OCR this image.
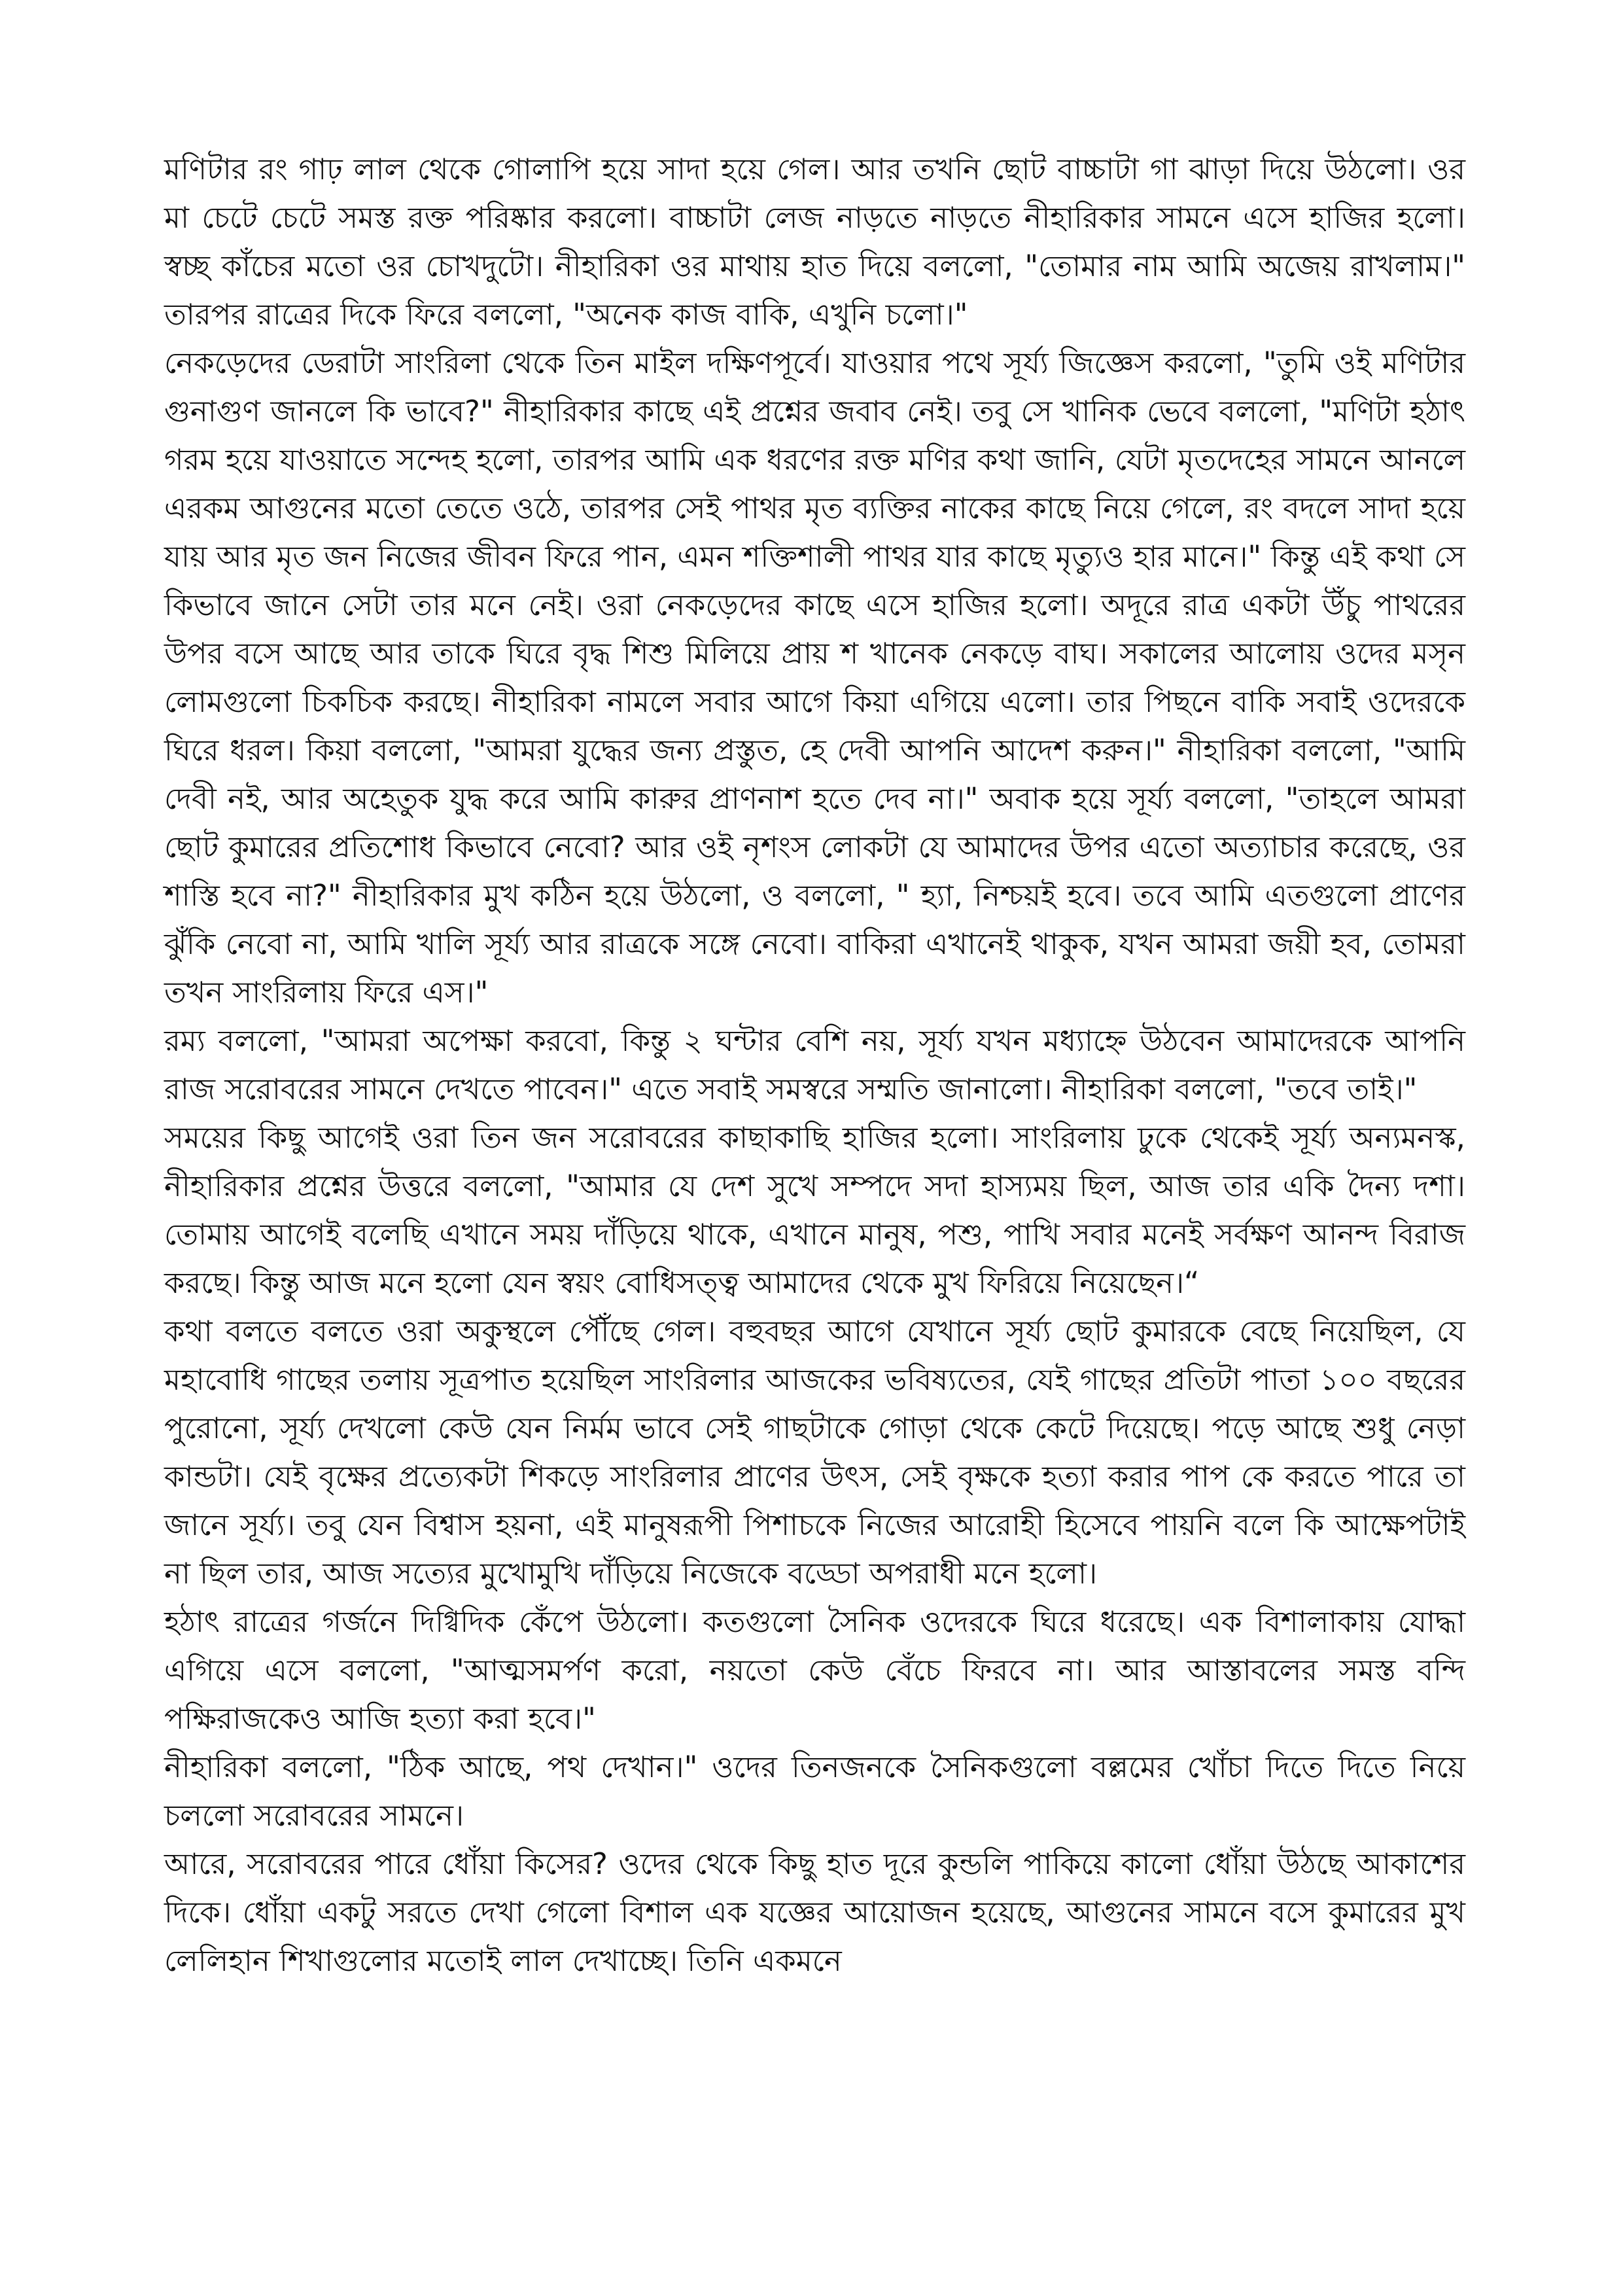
মণিটার রং গাঢ় লাল থেকে গোলাপি হয়ে সাদা হয়ে গেল। আর তখনি ছোট বাচ্চাটা গা ঝাড়া দিয়ে উঠলো। ওর মা চেটে চেটে সমস্ত রক্ত পরিষ্কার করলো। বাচ্চাটা লেজ নাড়তে নাড়তে নীহারিকার সামনে এসে হাজির হলো। স্বচ্ছ কাঁচের মতো ওর চোখদুটো। নীহারিকা ওর মাথায় হাত দিয়ে বললো, "তোমার নাম আমি অজেয় রাখলাম।" তারপর রাত্রের দিকে ফিরে বললো, "অনেক কাজ বাকি, এখুনি চলো।"

নেকড়েদের ডেরাটা সাংরিলা থেকে তিন মাইল দক্ষিণপূর্বে। যাওয়ার পথে সূর্য্য জিজ্ঞেস করলো, "তুমি ওই মণিটার গুনাগুণ জানলে কি ভাবে?" নীহারিকার কাছে এই প্রশ্নের জবাব নেই। তবু সে খানিক ভেবে বললো, "মণিটা হঠাৎ গরম হয়ে যাওয়াতে সন্দেহ হলো, তারপর আমি এক ধরণের রক্ত মণির কথা জানি, যেটা মৃতদেহের সামনে আনলে এরকম আগুনের মতো তেতে ওঠে, তারপর সেই পাথর মৃত ব্যক্তির নাকের কাছে নিয়ে গেলে, রং বদলে সাদা হয়ে যায় আর মৃত জন নিজের জীবন ফিরে পান, এমন শক্তিশালী পাথর যার কাছে মৃত্যুও হার মানে।" কিন্তু এই কথা সে কিভাবে জানে সেটা তার মনে নেই। ওরা নেকড়েদের কাছে এসে হাজির হলো। অদূরে রাত্র একটা উঁচু পাথরের উপর বসে আছে আর তাকে ঘিরে বৃদ্ধ শিশু মিলিয়ে প্রায় শ খানেক নেকড়ে বাঘ। সকালের আলোয় ওদের মসৃন লোমগুলো চিকচিক করছে। নীহারিকা নামলে সবার আগে কিয়া এগিয়ে এলো। তার পিছনে বাকি সবাই ওদেরকে ঘিরে ধরল। কিয়া বললো, "আমরা যুদ্ধের জন্য প্রস্তুত, হে দেবী আপনি আদেশ করুন।" নীহারিকা বললো, "আমি দেবী নই, আর অহেতুক যুদ্ধ করে আমি কারুর প্রাণনাশ হতে দেব না।" অবাক হয়ে সূর্য্য বললো, "তাহলে আমরা ছোট কুমারের প্রতিশোধ কিভাবে নেবো? আর ওই নৃশংস লোকটা যে আমাদের উপর এতো অত্যাচার করেছে, ওর শাস্তি হবে না?" নীহারিকার মুখ কঠিন হয়ে উঠলো, ও বললো, " হ্যা, নিশ্চয়ই হবে। তবে আমি এতগুলো প্রাণের ঝুঁকি নেবো না, আমি খালি সূর্য্য আর রাত্রকে সঙ্গে নেবো। বাকিরা এখানেই থাকুক, যখন আমরা জয়ী হব, তোমরা তখন সাংরিলায় ফিরে এস।"

রম্য বললো, "আমরা অপেক্ষা করবো, কিন্তু ২ ঘন্টার বেশি নয়, সূর্য্য যখন মধ্যাহ্নে উঠবেন আমাদেরকে আপনি রাজ সরোবরের সামনে দেখতে পাবেন।" এতে সবাই সমস্বরে সম্মতি জানালো। নীহারিকা বললো, "তবে তাই।"

সময়ের কিছু আগেই ওরা তিন জন সরোবরের কাছাকাছি হাজির হলো। সাংরিলায় ঢুকে থেকেই সূর্য্য অন্যমনস্ক, নীহারিকার প্রশ্নের উত্তরে বললো, "আমার যে দেশ সুখে সম্পদে সদা হাস্যময় ছিল, আজ তার একি দৈন্য দশা। তোমায় আগেই বলেছি এখানে সময় দাঁড়িয়ে থাকে, এখানে মানুষ, পশু, পাখি সবার মনেই সর্বক্ষণ আনন্দ বিরাজ করছে। কিন্তু আজ মনে হলো যেন স্বয়ং বোধিসত্ত্ব আমাদের থেকে মুখ ফিরিয়ে নিয়েছেন।“

কথা বলতে বলতে ওরা অকুস্থলে পৌঁছে গেল। বহুবছর আগে যেখানে সূর্য্য ছোট কুমারকে বেছে নিয়েছিল, যে মহাবোধি গাছের তলায় সূত্রপাত হয়েছিল সাংরিলার আজকের ভবিষ্যতের, যেই গাছের প্রতিটা পাতা ১০০ বছরের পুরোনো, সূর্য্য দেখলো কেউ যেন নির্মম ভাবে সেই গাছটাকে গোড়া থেকে কেটে দিয়েছে। পড়ে আছে শুধু নেড়া কান্ডটা। যেই বৃক্ষের প্রত্যেকটা শিকড়ে সাংরিলার প্রাণের উৎস, সেই বৃক্ষকে হত্যা করার পাপ কে করতে পারে তা জানে সূর্য্য। তবু যেন বিশ্বাস হয়না, এই মানুষরূপী পিশাচকে নিজের আরোহী হিসেবে পায়নি বলে কি আক্ষেপটাই না ছিল তার, আজ সত্যের মুখোমুখি দাঁড়িয়ে নিজেকে বড্ডো অপরাধী মনে হলো।

হঠাৎ রাত্রের গর্জনে দিগ্বিদিক কেঁপে উঠলো। কতগুলো সৈনিক ওদেরকে ঘিরে ধরেছে। এক বিশালাকায় যোদ্ধা এগিয়ে এসে বললো, "আত্মসমর্পণ করো, নয়তো কেউ বেঁচে ফিরবে না। আর আস্তাবলের সমস্ত বন্দি পক্ষিরাজকেও আজি হত্যা করা হবে।"

নীহারিকা বললো, "ঠিক আছে, পথ দেখান।" ওদের তিনজনকে সৈনিকগুলো বল্লমের খোঁচা দিতে দিতে নিয়ে চললো সরোবরের সামনে।

আরে, সরোবরের পারে ধোঁয়া কিসের? ওদের থেকে কিছু হাত দূরে কুন্ডলি পাকিয়ে কালো ধোঁয়া উঠছে আকাশের দিকে। ধোঁয়া একটু সরতে দেখা গেলো বিশাল এক যজ্ঞের আয়োজন হয়েছে, আগুনের সামনে বসে কুমারের মুখ লেলিহান শিখাগুলোর মতোই লাল দেখাচ্ছে। তিনি একমনে
